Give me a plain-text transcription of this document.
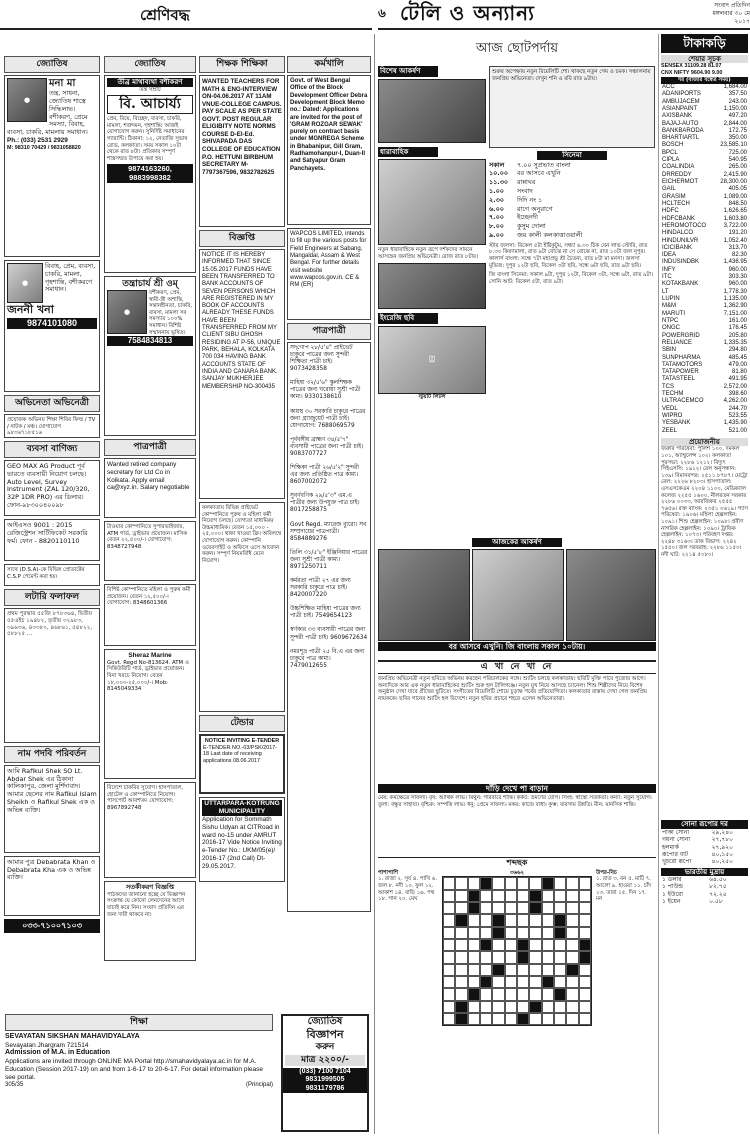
শ্রেণিবদ্ধ	৬ টেলি ও অন্যান্য	সংবাদ প্রতিদিন
মঙ্গলবার ৩০ মে
২০১৭
জ্যোতিষ
●
মনা মা

তন্ত্র, সাধনা, জ্যোতিষ শাস্ত্রে সিদ্ধিলাভ। বশীকরণ, প্রেমে সমস্যা, বিবাহ, ব্যবসা, চাকরি, মামলায় সমাধান।

Ph.: (033) 2531 2929

M: 98310 70429 / 9831058820

●

বিবাহ, প্রেম, ব্যবসা, চাকরি, মামলা, গৃহশান্তি, বশীকরণে সমাধান।

জননী খনা
9874101080
অভিনেতা অভিনেত্রী

প্রযোজক অভিনয় শিক্ষা শিবির ফিল্ম / TV / নাটক / মঞ্চ। যোগাযোগ ৯৮৩৬৭১৮৫১৬

ব্যবসা বাণিজ্য
GEO MAX AG Product পূর্ব ভারতে ব্যবসায়ী নিয়োগ চলছে। Auto Level, Survey Instrument (ZAL 120/320, 32P 1DR PRO) এর ডিলার। ফোন-৯৮৩০০৪০০৯৮
আইএসও 9001 : 2015 রেজিস্ট্রেশন সার্টিফিকেট সরকারি ফর্ম। ফোন - 8820110110

সাথে (D.S.A)-কে বিভিন্ন প্রোডাক্টের C.S.P পেমেন্ট করা হয়।

লটারি ফলাফল
প্রথম পুরস্কার ৫৫জি ৮৭৮৩৬৪, দ্বিতীয় ৫৫এইচ ১৯৪৮২, তৃতীয় ৩২৯৮৩, ৩৯৬৩৬, ৪৩৩৮০, ৪৬৮৬১, ৫৪৮২২, ৫৮৮২৫ ...
নাম পদবি পরিবর্তন
আমি Rafikul Shek SO Lt. Abdar Shek এর ঠিকানা কালিকাপুর, জেলা মুর্শিদাবাদ। আমার ছেলের নাম Rafikul Islam Sheikh ও Rafikul Shek এক ও অভিন্ন ব্যক্তি।
আমার পুত্র Debabrata Khan ও Debabrata Kha এক ও অভিন্ন ব্যক্তি।
০৩৩-৭১০০৭১০৩
জ্যোতিষ
তীব্র মাথাব্যথা বশীকরণ
তন্ত্র সম্রাট
বি. আচার্য্য

প্রেম, বিয়ে, বিচ্ছেদ, ব্যবসা, চাকরি, মামলা, শত্রুদমন, গৃহশান্তি। আজই যোগাযোগ করুন। সুনির্দিষ্ট সমাধানের গ্যারান্টি। ঠিকানা: ১২, নেতাজি সুভাষ রোড, কলকাতা। সময় সকাল ১০টা থেকে রাত ৮টা। প্রতিকার সম্পূর্ণ শাস্ত্রসম্মত উপায়ে করা হয়।

9874163260, 9883998382
তন্ত্রাচার্য শ্রী ওম্
●

বশীকরণ, প্রেম, স্বামী-স্ত্রী অশান্তি, সন্তানহীনতা, চাকরি, ব্যবসা, মামলা সব সমস্যার ১০০% সমাধান। বিশিষ্ট সম্মাননায় ভূষিত।

7584834813
পাত্রপাত্রী

Wanted retired company secretary for Ltd Co in Kolkata. Apply email ca@xyz.in. Salary negotiable

টাওয়ার কোম্পানিতে সুপারভাইজার, ATM গার্ড, ড্রাইভার প্রয়োজন। মাসিক বেতন ২২,৫০০/-। যোগাযোগ: 8348727948

বিশিষ্ট কোম্পানিতে মহিলা ও পুরুষ কর্মী প্রয়োজন। বেতন ১২,৫০০/-। যোগাযোগ: 8348601366

Sheraz Marine

Govt. Regd No-813624. ATM ও সিকিউরিটি গার্ড, ড্রাইভার প্রয়োজন। বিনা খরচে নিয়োগ। বেতন ১৮,০০০-২৫,০০০/-। Mob: 8145049334

বিদেশে চাকরির সুযোগ। হাসপাতাল, হোটেল ও কোম্পানিতে নিয়োগ। পাসপোর্ট আবশ্যক। যোগাযোগ: 8967892748

সতর্কীকরণ বিজ্ঞপ্তি

পাঠকদের জানানো হচ্ছে যে বিজ্ঞাপন সংক্রান্ত যে কোনো লেনদেনের আগে যাচাই করে নিন। সংবাদ প্রতিদিন এর জন্য দায়ী থাকবে না।

শিক্ষক শিক্ষিকা
WANTED TEACHERS FOR MATH & ENG-INTERVIEW ON-04.06.2017 AT 11AM VNUE-COLLEGE CAMPUS. PAY SCALE AS PER STATE GOVT. POST REGULAR ELIGIBITY NOTE NORMS COURSE D-El-Ed. SHIVAPADA DAS COLLEGE OF EDUCATION P.O. HETTUNI BIRBHUM SECRETARY M-7797367596, 9832782625
বিজ্ঞপ্তি
NOTICE IT IS HEREBY INFORMED THAT SINCE 15.05.2017 FUNDS HAVE BEEN TRANSFERRED TO BANK ACCOUNTS OF SEVEN PERSONS WHICH ARE REGISTERED IN MY BOOK OF ACCOUNTS ALREADY THESE FUNDS HAVE BEEN TRANSFERRED FROM MY CLIENT SIBU GHOSH RESIDING AT P-56, UNIQUE PARK, BEHALA, KOLKATA 700 034 HAVING BANK ACCOUNTS STATE OF INDIA AND CANARA BANK. SANJAY MUKHERJEE MEMBERSHIP NO-300435

কলকাতায় বিভিন্ন প্রাইভেট কোম্পানিতে পুরুষ ও মহিলা কর্মী নিয়োগ চলছে। যোগ্যতা মাধ্যমিক/উচ্চমাধ্যমিক। বেতন ১৫,০০০ - ২৫,০০০। থাকা খাওয়া ফ্রি। অবিলম্বে যোগাযোগ করুন। কোম্পানি ওয়েবসাইট ও অফিসে এসে আবেদন করুন। সম্পূর্ণ নিয়মবিধি মেনে নিয়োগ।

টেন্ডার

NOTICE INVITING E-TENDER

E-TENDER NO.-03/PSK/2017-18 Last date of receiving applications 08.06.2017

UTTARPARA-KOTRUNG MUNICIPALITY

Application for Sommath Sishu Udyan at CITRoad in ward no-15 under AMRUT 2016-17 Vide Notice Inviting e-Tender No.: UKM/05(e)/ 2016-17 (2nd Call) Dt-29.05.2017.

কর্মখালি
Govt. of West Bengal Office of the Block Development Officer Debra Development Block Memo no.: Dated: Applications are invited for the post of 'GRAM ROZGAR SEWAK' purely on contract basis under MGNREGA Scheme in Bhabanipur, Gill Gram, Radhamohanpur-I, Duan-II and Satyapur Gram Panchayets.
WAPCOS LIMITED, intends to fill up the various posts for Field Engineers at Sabang, Mangaldai, Assam & West Bengal. For further details visit website www.wapcos.gov.in. CE & RM (ER)
পাত্রপাত্রী

সদ্‌গোপ ২৮/৫'৪" প্রাইভেট চাকুরে পাত্রের জন্য সুন্দরী শিক্ষিতা পাত্রী চাই। 9073428358

মাহিষ্য ৩২/৫'৬" স্কুলশিক্ষক পাত্রের জন্য ঘরোয়া সুশ্রী পাত্রী কাম্য। 9330138610

কায়স্থ ৩০ সরকারি চাকুরে পাত্রের জন্য গ্র্যাজুয়েট পাত্রী চাই। যোগাযোগ: 7688069579

পূর্ববঙ্গীয় ব্রাহ্মণ ৩৪/৫'৭" ব্যবসায়ী পাত্রের জন্য পাত্রী চাই। 9083707727

শিক্ষিকা পাত্রী ২৬/৫'২" সুন্দরী এর জন্য প্রতিষ্ঠিত পাত্র কাম্য। 8607002072

সুবর্ণবণিক ২৯/৫'৩" এম.এ পাত্রীর জন্য উপযুক্ত পাত্র চাই। 8017258875

Govt Regd. ম্যারেজ ব্যুরো। সব সম্প্রদায়ের পাত্রপাত্রী। 8584889276

তিলি ৩১/৫'৮" ইঞ্জিনিয়ার পাত্রের জন্য সুশ্রী পাত্রী কাম্য। 8971250711

কর্মরতা পাত্রী ২৭ এর জন্য সরকারি চাকুরে পাত্র চাই। 8420007220

উচ্চশিক্ষিত মাহিষ্য পাত্রের জন্য পাত্রী চাই। 7549654123

স্বর্ণকার ৩৩ ব্যবসায়ী পাত্রের জন্য সুন্দরী পাত্রী চাই। 9609672634

নমঃশূদ্র পাত্রী ২৫ বি.এ এর জন্য চাকুরে পাত্র কাম্য। 7479012655

শিক্ষা
SEVAYATAN SIKSHAN MAHAVIDYALAYA
Sevayatan Jhargram 721514
Admission of M.A. in Education
Applications are invited through ONLINE MA Portal http://smahavidyalaya.ac.in for M.A. Education (Session 2017-19) on and from 1-6-17 to 20-6-17. For detail information please see portal.
305/35	(Principal)
জ্যোতিষ
বিজ্ঞাপন
করুন
মাত্র ২২০০/-
(033) 7100 7104
9831999505
9831179786
আজ ছোটপর্দায়
বিশেষ আকর্ষণ
ধারাবাহিক

নতুন ধারাবাহিকে নতুন রূপে দর্শকদের সামনে আসছেন জনপ্রিয় অভিনেত্রী। রোজ রাত ৮টায়।

ইংরেজি ছবি
🐭
স্টুয়ার্ট লিটল

শুরুর অপেক্ষায় নতুন রিয়েলিটি শো। থাকছে নতুন গেম ও চমক। সঞ্চালনায় জনপ্রিয় অভিনেতা। দেখুন শনি ও রবি রাত ৯টায়।

সিনেমা
সকাল	৭.০০ সুপ্রভাত বাংলা
১০.০০	বর আসবে এখুনি
১১.৩০	রান্নাঘর
১.০০	সংবাদ
২.৩০	দিদি নং ১
৬.০০	রাগে অনুরাগে
৭.০০	ইচ্ছেনদী
৮.০০	কুসুম দোলা
৯.০০	জয় কালী কলকাত্তাওয়ালী

স্টার জলসা: বিকেল ৫টা ইষ্টিকুটুম, সন্ধ্যা ৬.৩০ ঠিক যেন লাভ স্টোরি, রাত ৮.৩০ কিরণমালা, রাত ৯টা বোঝে না সে বোঝে না, রাত ১০টা জল নূপুর। কালার্স বাংলা: সন্ধে ৭টা মহাপ্রভু শ্রী চৈতন্য, রাত ৮টা মা মনসা। জলসা মুভিজ: দুপুর ১২টা ছবি, বিকেল ৩টা ছবি, সন্ধে ৬টা ছবি, রাত ৯টা ছবি।

জি বাংলা সিনেমা: সকাল ৯টা, দুপুর ১২টা, বিকেল ৩টা, সন্ধে ৬টা, রাত ৯টা। সোনি আট: বিকেল ৫টা, রাত ৯টা।

আজকের আকর্ষণ
বর আসবে এখুনি। জি বাংলায় সকাল ১০টায়।
এ খা নে খা নে

জনপ্রিয় অভিনেত্রী নতুন ছবিতে অভিনয় করছেন পরিচালকের সঙ্গে। শ্যুটিং চলছে কলকাতায়। ছবিটি মুক্তি পাবে পুজোর আগে। অন্যদিকে আর এক নতুন ধারাবাহিকের শ্যুটিং শুরু হল টালিগঞ্জে। নতুন মুখ নিয়ে আসছে চ্যানেল। শিশু শিল্পীদের নিয়ে বিশেষ অনুষ্ঠান দেখা যাবে গ্রীষ্মের ছুটিতে। সংগীতের রিয়েলিটি শোয়ে চূড়ান্ত পর্বের প্রতিযোগিতা। কলকাতার রাস্তায় দেখা গেল জনপ্রিয় নায়ককে। ছবির গানের শ্যুটিং হল বিদেশে। নতুন ছবির প্রচারে শহরে এলেন অভিনেতারা।

দাঁড়ি দেখে পা বাড়ান

মেষ: কর্মক্ষেত্রে সাফল্য। বৃষ: আর্থিক লাভ। মিথুন: পরিবারে শান্তি। কর্কট: ভ্রমণের যোগ। সিংহ: স্বাস্থ্যে সতর্কতা। কন্যা: নতুন সুযোগ। তুলা: বন্ধুর সাহায্য। বৃশ্চিক: সম্পত্তি লাভ। ধনু: প্রেমে সাফল্য। মকর: কাজে বাধা। কুম্ভ: ব্যবসায় উন্নতি। মীন: মানসিক শান্তি।

শব্দছক
পাশাপাশি

১. রাজা ২. সূর্য ৪. পাখি ৬. জল ৮. নদী ১০. ফুল ১২. আকাশ ১৪. বাড়ি ১৬. পথ ১৮. গান ২০. মেঘ

৩৬৬২	উপর-নিচ

১. রাত ৩. বন ৫. মাটি ৭. আলো ৯. হাওয়া ১১. চাঁদ ১৩. তারা ১৫. দিন ১৭. মন

টাকাকড়ি
শেয়ার সূচক
SENSEX 31109.28 81.07
CNX NIFTY 9604.90 9.00
দর (বাজার বন্ধের সময়)
ACC	1,684.00
ADANIPORTS	357.50
AMBUJACEM	243.00
ASIANPAINT	1,150.00
AXISBANK	497.20
BAJAJ-AUTO	2,844.00
BANKBARODA	172.75
BHARTIARTL	350.00
BOSCH	23,585.10
BPCL	725.00
CIPLA	540.95
COALINDIA	265.00
DRREDDY	2,415.90
EICHERMOT	28,300.00
GAIL	405.05
GRASIM	1,089.00
HCLTECH	848.50
HDFC	1,626.65
HDFCBANK	1,603.80
HEROMOTOCO	3,722.00
HINDALCO	191.20
HINDUNILVR	1,052.40
ICICIBANK	313.70
IDEA	82.30
INDUSINDBK	1,436.95
INFY	960.00
ITC	303.30
KOTAKBANK	960.00
LT	1,778.30
LUPIN	1,135.00
M&M	1,362.90
MARUTI	7,151.00
NTPC	161.00
ONGC	176.45
POWERGRID	205.80
RELIANCE	1,335.35
SBIN	294.80
SUNPHARMA	485.45
TATAMOTORS	479.00
TATAPOWER	81.80
TATASTEEL	491.95
TCS	2,572.00
TECHM	398.60
ULTRACEMCO	4,262.00
VEDL	244.70
WIPRO	523.55
YESBANK	1,435.90
ZEEL	521.00
প্রয়োজনীয়

জরুরি পরিষেবা: পুলিশ ১০০, দমকল ১০১, অ্যাম্বুলেন্স ১০২। কলকাতা পুরসভা: ২২৮৬ ১২১২। বিদ্যুৎ সিইএসসি: ১৯১২। রেল অনুসন্ধান: ১৩৯। বিমানবন্দর: ২৫১১ ৮৭৮৭। মেট্রো রেল: ২২২৬ ৮২০৩। হাসপাতাল: এসএসকেএম ২২০৪ ১১০০, মেডিক্যাল কলেজ ২২৫৫ ১৬০০, নীলরতন সরকার ২২৮৬ ০০৩৩, আরজিকর ২৫৫৫ ৭৬৫৬। রক্ত ব্যাংক: ২৩৫১ ০৬১৯। গ্যাস পরিষেবা: ১৯০৬। মহিলা হেল্পলাইন: ১০৯১। শিশু হেল্পলাইন: ১০৯৮। প্রবীণ নাগরিক হেল্পলাইন: ১০৯০। ট্রাফিক হেল্পলাইন: ১০৭৩। পরিবহণ দপ্তর: ২২৪৮ ৩১৬৩। ডাক বিভাগ: ২২৪২ ১৫৫০। জল সরবরাহ: ২২৮৬ ১১৫৩। নদী ঘাট: ২২১৪ ৫০৮০।

সোনা রূপোর দর
পাকা সোনা	২৯,২৪০
গয়না সোনা	২৭,৭৮০
হলমার্ক	২৭,৯২০
রূপোর বাট	৪০,১৫০
খুচরো রূপো	৪০,২৫০
ভারতীয় মুদ্রায়
১ ডলার	৬৪.৫০
১ পাউন্ড	৮২.৭৫
১ ইউরো	৭২.২৫
১ ইয়েন	০.৫৮
